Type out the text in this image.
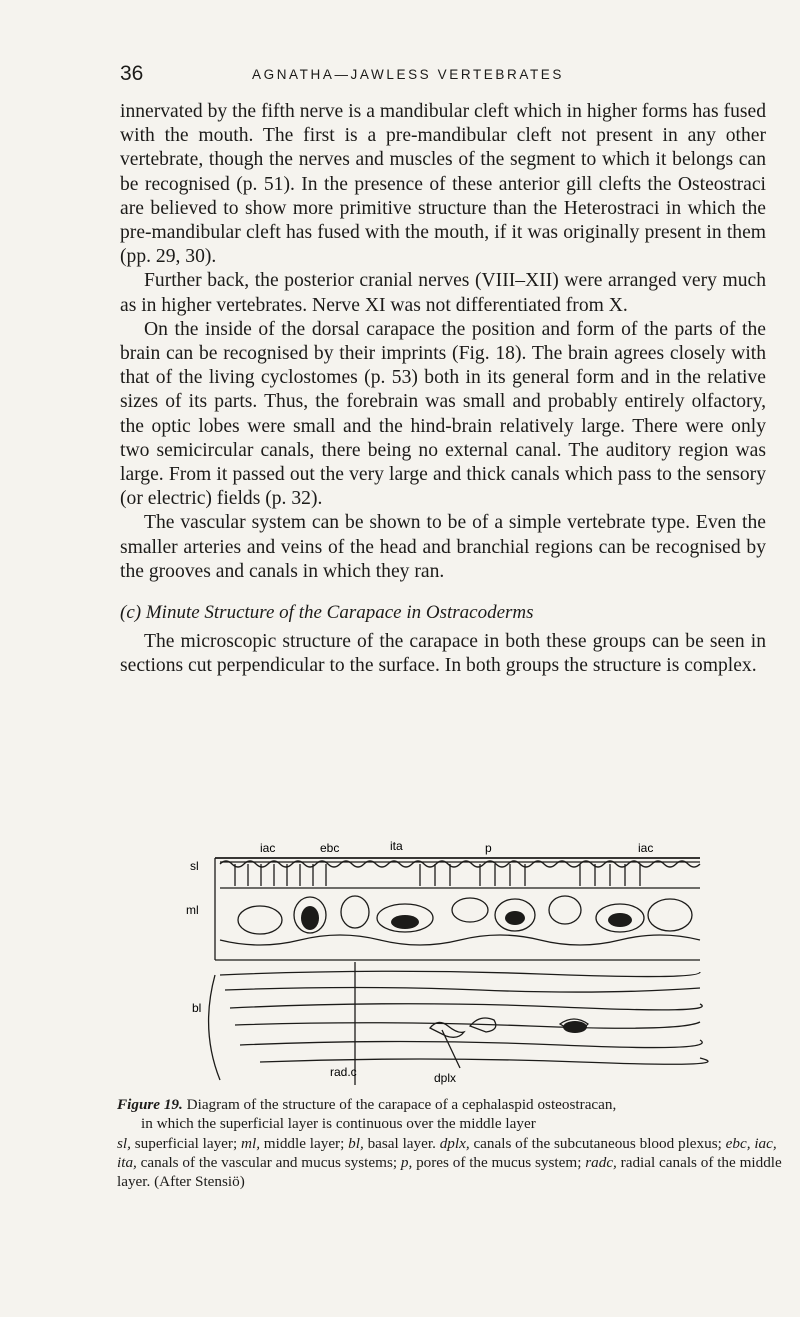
36	AGNATHA—JAWLESS VERTEBRATES

innervated by the fifth nerve is a mandibular cleft which in higher forms has fused with the mouth. The first is a pre-mandibular cleft not present in any other vertebrate, though the nerves and muscles of the segment to which it belongs can be recognised (p. 51). In the presence of these anterior gill clefts the Osteostraci are believed to show more primitive structure than the Heterostraci in which the pre-mandibular cleft has fused with the mouth, if it was originally present in them (pp. 29, 30).

Further back, the posterior cranial nerves (VIII–XII) were arranged very much as in higher vertebrates. Nerve XI was not differentiated from X.

On the inside of the dorsal carapace the position and form of the parts of the brain can be recognised by their imprints (Fig. 18). The brain agrees closely with that of the living cyclostomes (p. 53) both in its general form and in the relative sizes of its parts. Thus, the forebrain was small and probably entirely olfactory, the optic lobes were small and the hind-brain relatively large. There were only two semicircular canals, there being no external canal. The auditory region was large. From it passed out the very large and thick canals which pass to the sensory (or electric) fields (p. 32).

The vascular system can be shown to be of a simple vertebrate type. Even the smaller arteries and veins of the head and branchial regions can be recognised by the grooves and canals in which they ran.

(c) Minute Structure of the Carapace in Ostracoderms

The microscopic structure of the carapace in both these groups can be seen in sections cut perpendicular to the surface. In both groups the structure is complex.

iac	ebc	ita	p	iac
sl
ml
bl
rad.c	dplx

Figure 19. Diagram of the structure of the carapace of a cephalaspid osteostracan,

in which the superficial layer is continuous over the middle layer

sl, superficial layer; ml, middle layer; bl, basal layer. dplx, canals of the subcutaneous blood plexus; ebc, iac, ita, canals of the vascular and mucus systems; p, pores of the mucus system; radc, radial canals of the middle layer. (After Stensiö)
